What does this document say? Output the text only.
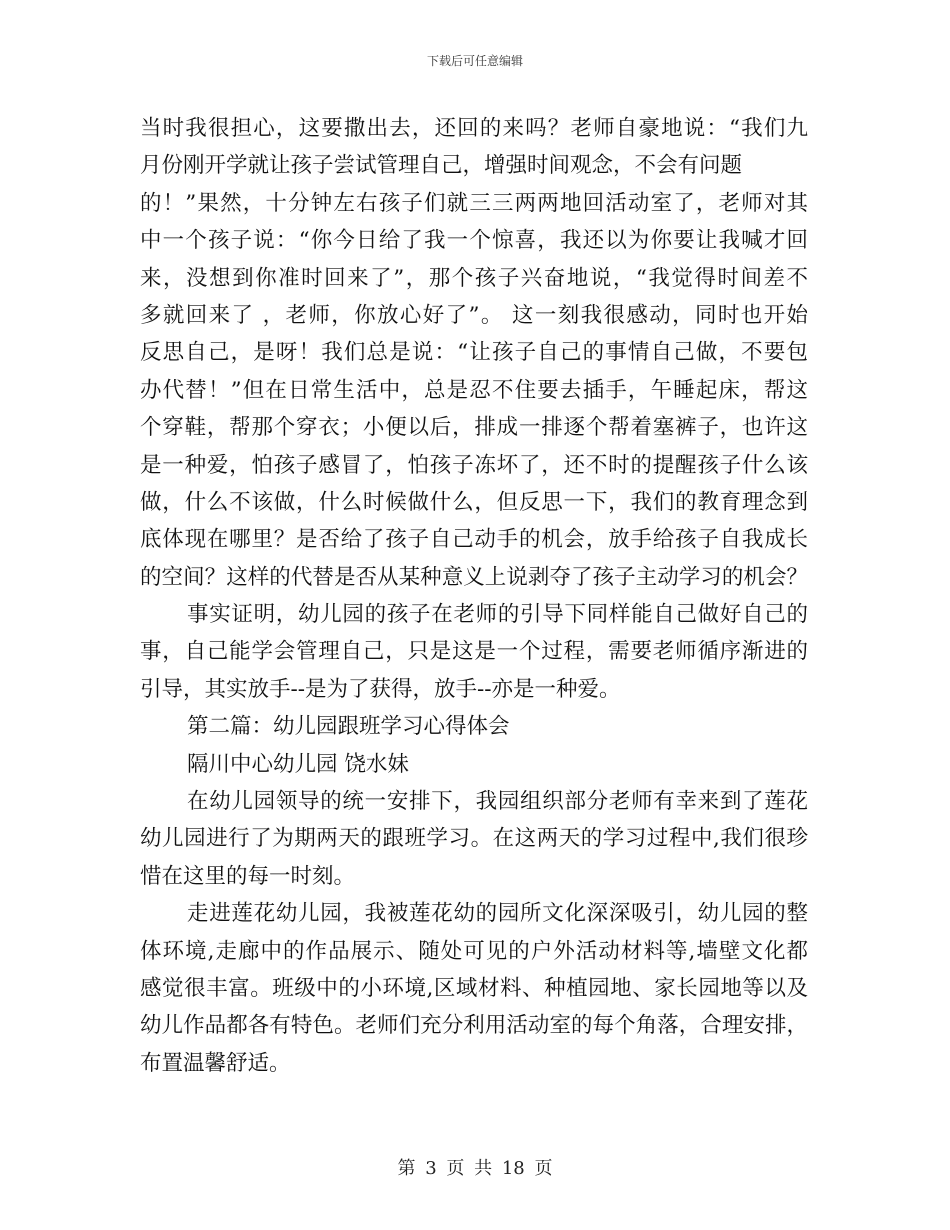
下载后可任意编辑
当时我很担心，这要撒出去，还回的来吗？老师自豪地说：“我们九
月份刚开学就让孩子尝试管理自己，增强时间观念，不会有问题
的！”果然，十分钟左右孩子们就三三两两地回活动室了，老师对其
中一个孩子说：“你今日给了我一个惊喜，我还以为你要让我喊才回
来，没想到你准时回来了”，那个孩子兴奋地说，“我觉得时间差不
多就回来了 ，老师，你放心好了”。 这一刻我很感动，同时也开始
反思自己，是呀！我们总是说：“让孩子自己的事情自己做，不要包
办代替！”但在日常生活中，总是忍不住要去插手，午睡起床，帮这
个穿鞋，帮那个穿衣；小便以后，排成一排逐个帮着塞裤子，也许这
是一种爱，怕孩子感冒了，怕孩子冻坏了，还不时的提醒孩子什么该
做，什么不该做，什么时候做什么，但反思一下，我们的教育理念到
底体现在哪里？是否给了孩子自己动手的机会，放手给孩子自我成长
的空间？这样的代替是否从某种意义上说剥夺了孩子主动学习的机会？
事实证明，幼儿园的孩子在老师的引导下同样能自己做好自己的
事，自己能学会管理自己，只是这是一个过程，需要老师循序渐进的
引导，其实放手--是为了获得，放手--亦是一种爱。
第二篇：幼儿园跟班学习心得体会
隔川中心幼儿园 饶水妹
在幼儿园领导的统一安排下，我园组织部分老师有幸来到了莲花
幼儿园进行了为期两天的跟班学习。在这两天的学习过程中,我们很珍
惜在这里的每一时刻。
走进莲花幼儿园，我被莲花幼的园所文化深深吸引，幼儿园的整
体环境,走廊中的作品展示、随处可见的户外活动材料等,墙壁文化都
感觉很丰富。班级中的小环境,区域材料、种植园地、家长园地等以及
幼儿作品都各有特色。老师们充分利用活动室的每个角落，合理安排，
布置温馨舒适。
第 3 页 共 18 页
